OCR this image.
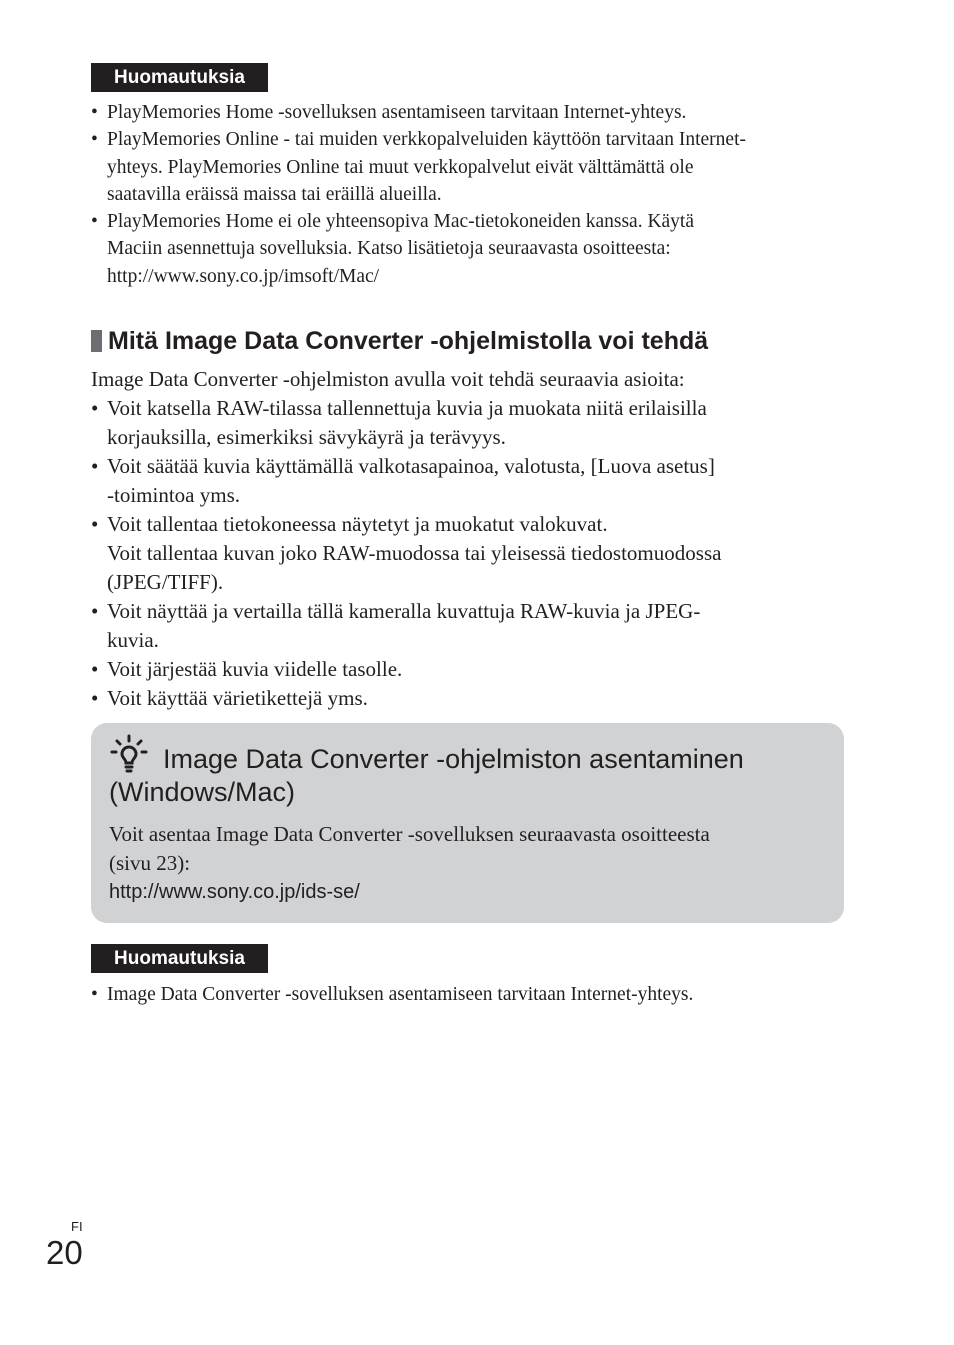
Huomautuksia
• PlayMemories Home -sovelluksen asentamiseen tarvitaan Internet-yhteys.
• PlayMemories Online - tai muiden verkkopalveluiden käyttöön tarvitaan Internet-
yhteys. PlayMemories Online tai muut verkkopalvelut eivät välttämättä ole
saatavilla eräissä maissa tai eräillä alueilla.
• PlayMemories Home ei ole yhteensopiva Mac-tietokoneiden kanssa. Käytä
Maciin asennettuja sovelluksia. Katso lisätietoja seuraavasta osoitteesta:
http://www.sony.co.jp/imsoft/Mac/
Mitä Image Data Converter -ohjelmistolla voi tehdä
Image Data Converter -ohjelmiston avulla voit tehdä seuraavia asioita:
• Voit katsella RAW-tilassa tallennettuja kuvia ja muokata niitä erilaisilla
korjauksilla, esimerkiksi sävykäyrä ja terävyys.
• Voit säätää kuvia käyttämällä valkotasapainoa, valotusta, [Luova asetus]
-toimintoa yms.
• Voit tallentaa tietokoneessa näytetyt ja muokatut valokuvat.
Voit tallentaa kuvan joko RAW-muodossa tai yleisessä tiedostomuodossa
(JPEG/TIFF).
• Voit näyttää ja vertailla tällä kameralla kuvattuja RAW-kuvia ja JPEG-
kuvia.
• Voit järjestää kuvia viidelle tasolle.
• Voit käyttää värietikettejä yms.
Image Data Converter -ohjelmiston asentaminen
(Windows/Mac)
Voit asentaa Image Data Converter -sovelluksen seuraavasta osoitteesta
(sivu 23):
http://www.sony.co.jp/ids-se/
Huomautuksia
• Image Data Converter -sovelluksen asentamiseen tarvitaan Internet-yhteys.
FI
20
